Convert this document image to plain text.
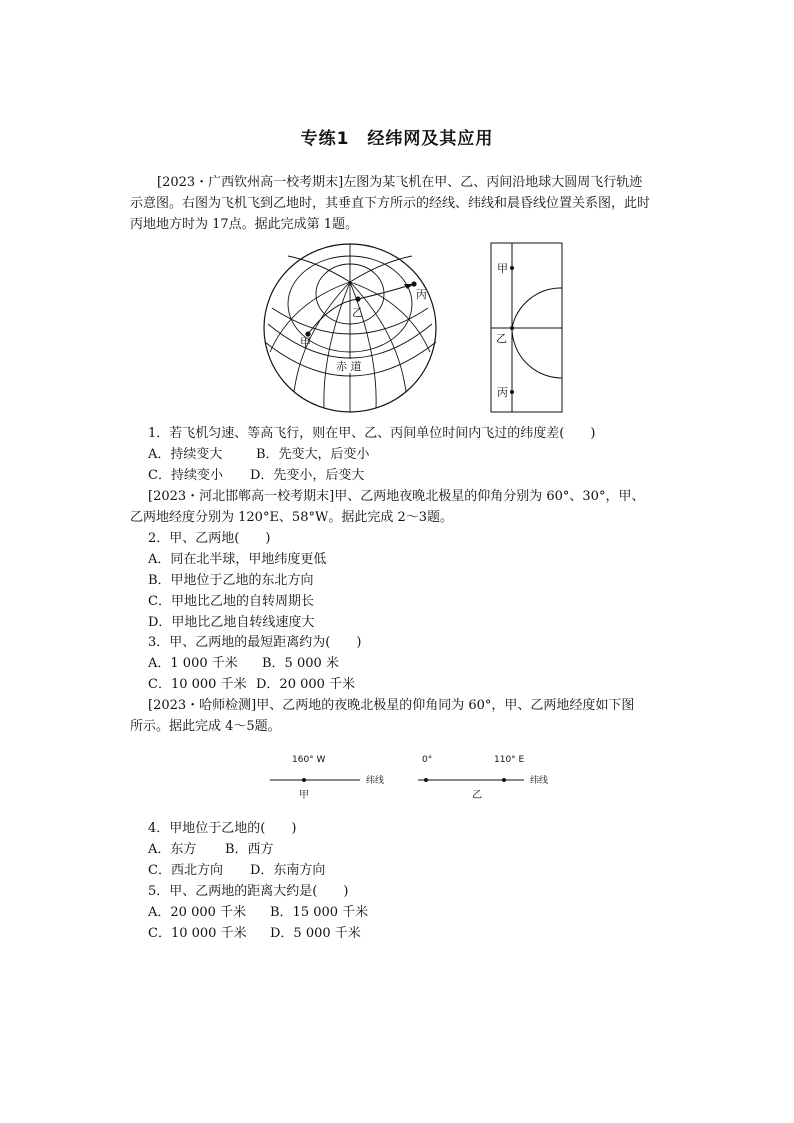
专练1　经纬网及其应用
[2023・广西钦州高一校考期末]左图为某飞机在甲、乙、丙间沿地球大圆周飞行轨迹
示意图。右图为飞机飞到乙地时，其垂直下方所示的经线、纬线和晨昏线位置关系图，此时
丙地地方时为 17点。据此完成第 1题。
甲
乙
丙
赤 道
甲
乙
丙
1．若飞机匀速、等高飞行，则在甲、乙、丙间单位时间内飞过的纬度差(　　)
A．持续变大	B．先变大，后变小
C．持续变小 D．先变小，后变大
[2023・河北邯郸高一校考期末]甲、乙两地夜晚北极星的仰角分别为 60°、30°，甲、
乙两地经度分别为 120°E、58°W。据此完成 2～3题。
2．甲、乙两地(　　)
A．同在北半球，甲地纬度更低
B．甲地位于乙地的东北方向
C．甲地比乙地的自转周期长
D．甲地比乙地自转线速度大
3．甲、乙两地的最短距离约为(　　)
A．1 000 千米 B．5 000 米
C．10 000 千米 D．20 000 千米
[2023・哈师检测]甲、乙两地的夜晚北极星的仰角同为 60°，甲、乙两地经度如下图
所示。据此完成 4～5题。
160° W
纬线
甲
0°	110° E
纬线
乙
4．甲地位于乙地的(　　)
A．东方 B．西方
C．西北方向 D．东南方向
5．甲、乙两地的距离大约是(　　)
A．20 000 千米 B．15 000 千米
C．10 000 千米 D．5 000 千米
